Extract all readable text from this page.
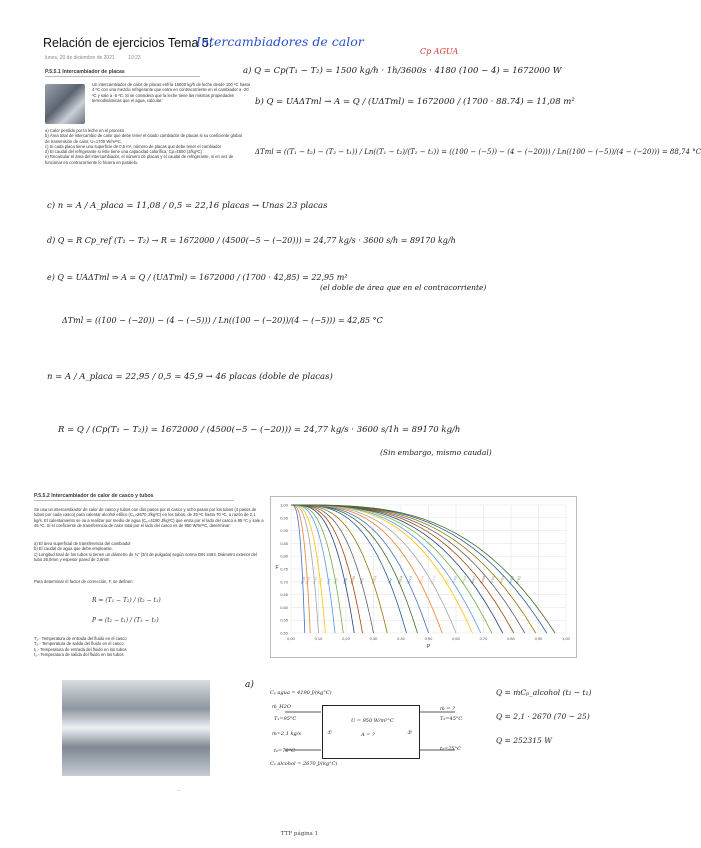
Relación de ejercicios Tema 5:
Intercambiadores de calor
lunes, 20 de diciembre de 2021	10:23
P.5.5.1 Intercambiador de placas
Un intercambiador de calor de placas enfría 15000 kg/h de leche desde 100 ºC hasta 4 ºC con una mezcla refrigerante que entra en contracorriente en el cambiador a -20 ºC y sale a -5 ºC. Si se considera que la leche tiene las mismas propiedades termodinámicas que el agua, calcular:
a) Calor perdido por la leche en el proceso
b) Área total de intercambio de calor que debe tener el citado cambiador de placas si su coeficiente global de transmisión de calor, U=1700 W/m²ºC.
c) Si cada placa tiene una superficie de 0,5 m², número de placas que debe tener el cambiador
d) El caudal del refrigerante si éste tiene una capacidad calorífica, Cp=4500 (J/kgºC)
e) Recalcular el área del intercambiador, el número de placas y el caudal de refrigerante, si en vez de funcionar en contracorriente lo hiciera en paralelo.
Cp AGUA
a) Q = Cp(T₁ − T₂) = 1500 kg/h · 1h/3600s · 4180 (100 − 4) = 1672000 W
b) Q = UAΔTml → A = Q / (UΔTml) = 1672000 / (1700 · 88.74) = 11,08 m²
ΔTml = ((T₁ − t₂) − (T₂ − t₁)) / Ln((T₁ − t₂)/(T₂ − t₁)) = ((100 − (−5)) − (4 − (−20))) / Ln((100 − (−5))/(4 − (−20))) = 88,74 °C
c) n = A / A_placa = 11,08 / 0,5 = 22,16 placas → Unas 23 placas
d) Q = R Cp_ref (T₁ − T₂) → R = 1672000 / (4500(−5 − (−20))) = 24,77 kg/s · 3600 s/h = 89170 kg/h
e) Q = UAΔTml ⇒ A = Q / (UΔTml) = 1672000 / (1700 · 42,85) = 22,95 m²
(el doble de área que en el contracorriente)
ΔTml = ((100 − (−20)) − (4 − (−5))) / Ln((100 − (−20))/(4 − (−5))) = 42,85 °C
n = A / A_placa = 22,95 / 0,5 = 45,9 → 46 placas (doble de placas)
R = Q / (Cp(T₁ − T₂)) = 1672000 / (4500(−5 − (−20))) = 24,77 kg/s · 3600 s/1h = 89170 kg/h
(Sin embargo, mismo caudal)
P.5.5.2 Intercambiador de calor de casco y tubos
Se usa un intercambiador de calor de casco y tubos con dos pasos por el casco y ocho pasos por los tubos (4 pasos de tubos por cada casco) para calentar alcohol etílico (Cₚ=2670 J/kgºC) en los tubos, de 25 ºC hasta 70 ºC, a razón de 2,1 kg/s. El calentamiento se va a realizar por medio de agua (Cₚ=4190 J/kgºC) que entra por el lado del casco a 95 ºC y sale a 45 ºC. Si el coeficiente de transferencia de calor total por el lado del casco es de 950 W/m²ºC, determinar:
a) El área superficial de transferencia del cambiador
b) El caudal de agua que debe emplearse.
c) Longitud total de los tubos si tienen un diámetro de ¾" (3/4 de pulgada) según norma DIN 2463. Diámetro exterior del tubo 26,9mm y espesor pared de 2,6mm
Para determinar el factor de corrección, F, se definen:
R = (T₁ − T₂) / (t₂ − t₁)
P = (t₂ − t₁) / (T₁ − t₁)
T₁.- Temperatura de entrada del fluido en el casco
T₂.- Temperatura de salida del fluido en el casco
t₁.- Temperatura de entrada del fluido en los tubos
t₂.- Temperatura de salida del fluido en los tubos
-
0,50
0,55
0,60
0,65
0,70
0,75
0,80
0,85
0,90
0,95
1,00
0,00	0,10	0,20	0,30	0,40	0,50	0,60	0,70	0,80	0,90	1,00
P
F
R=20
R=15 R=10 R=8 R=6 R=5 R=4 R=3,5 R=3 R=2,5	R=2 R=1,8 R=1,6 R=1,4 R=1,2	R=1 R=0,9 R=0,8 R=0,7 R=0,6 R=0,5 R=0,4 R=0,3 R=0,2
a)
Cₚ agua = 4190 J/(kg°C)
Cₚ alcohol = 2670 J/(kg°C)
ṁ_H2O
T₁=95°C
ṁ=2,1 kg/s
t₂=70°C
U = 950 W/m²°C
A = ?
①	②
ṁ = ?
T₂=45°C
t₁=25°C
Q = ṁCₚ_alcohol (t₂ − t₁)
Q = 2,1 · 2670 (70 − 25)
Q = 252315 W
TTF página 1
